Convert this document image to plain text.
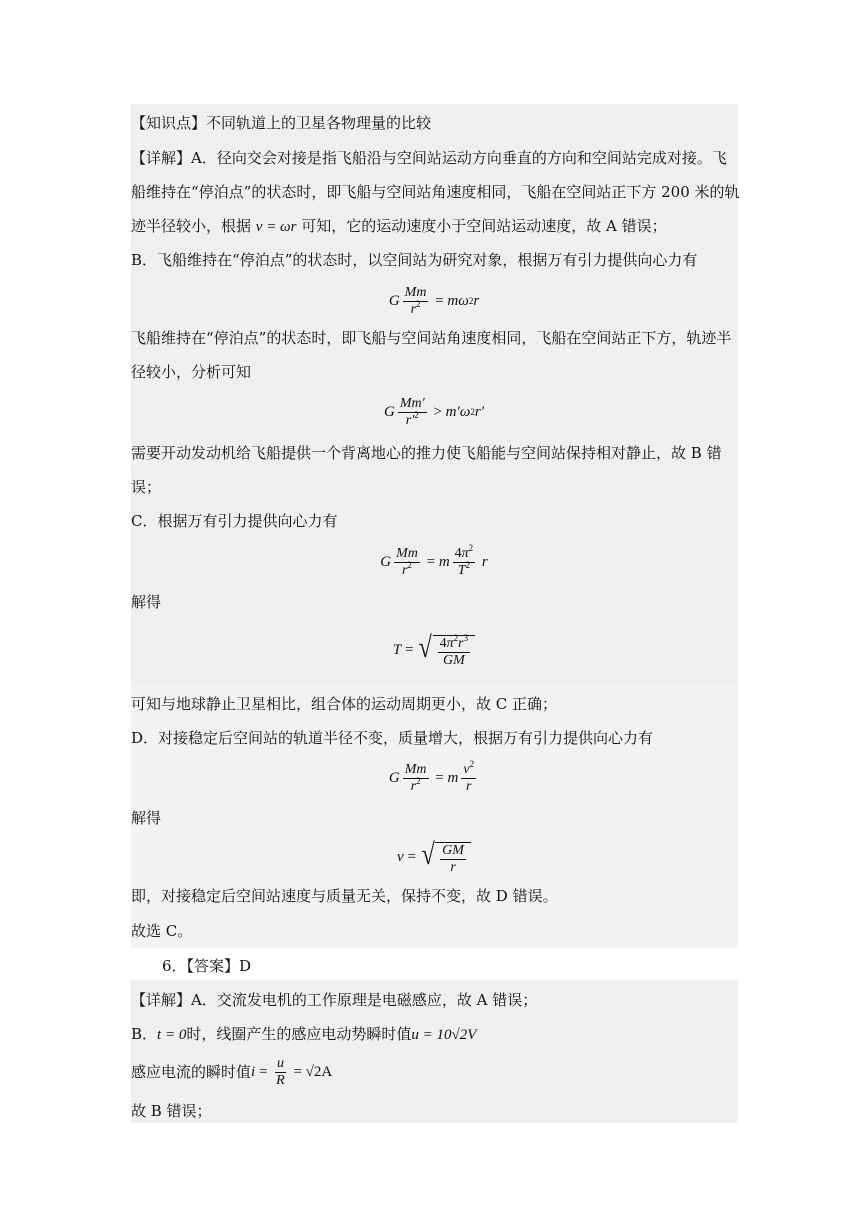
【知识点】不同轨道上的卫星各物理量的比较
【详解】A．径向交会对接是指飞船沿与空间站运动方向垂直的方向和空间站完成对接。飞
船维持在“停泊点”的状态时，即飞船与空间站角速度相同，飞船在空间站正下方 200 米的轨
迹半径较小，根据 v = ωr 可知，它的运动速度小于空间站运动速度，故 A 错误；
B．飞船维持在“停泊点”的状态时，以空间站为研究对象，根据万有引力提供向心力有
G $\frac{Mm}{r^2} = m\omega$ 2 r
飞船维持在“停泊点”的状态时，即飞船与空间站角速度相同，飞船在空间站正下方，轨迹半
径较小，分析可知
G $\frac{Mm'}{r'^2} > m'\omega$ 2 r′
需要开动发动机给飞船提供一个背离地心的推力使飞船能与空间站保持相对静止，故 B 错
误；
C．根据万有引力提供向心力有
G $\frac{Mm}{r^2} = m \frac{4\pi^2}{T^2}$ r
解得
T = √ $\frac{4\pi^2r^3}{GM}$
可知与地球静止卫星相比，组合体的运动周期更小，故 C 正确；
D．对接稳定后空间站的轨道半径不变，质量增大，根据万有引力提供向心力有
G $\frac{Mm}{r^2} = m \frac{v^2}{r}$
解得
v = √ $\frac{GM}{r}$
即，对接稳定后空间站速度与质量无关，保持不变，故 D 错误。
故选 C。
6．【答案】D
【详解】A．交流发电机的工作原理是电磁感应，故 A 错误；
B．t = 0时，线圈产生的感应电动势瞬时值u = 10√2V
感应电流的瞬时值 $i = \frac{u}{R} = √2A$
故 B 错误；
